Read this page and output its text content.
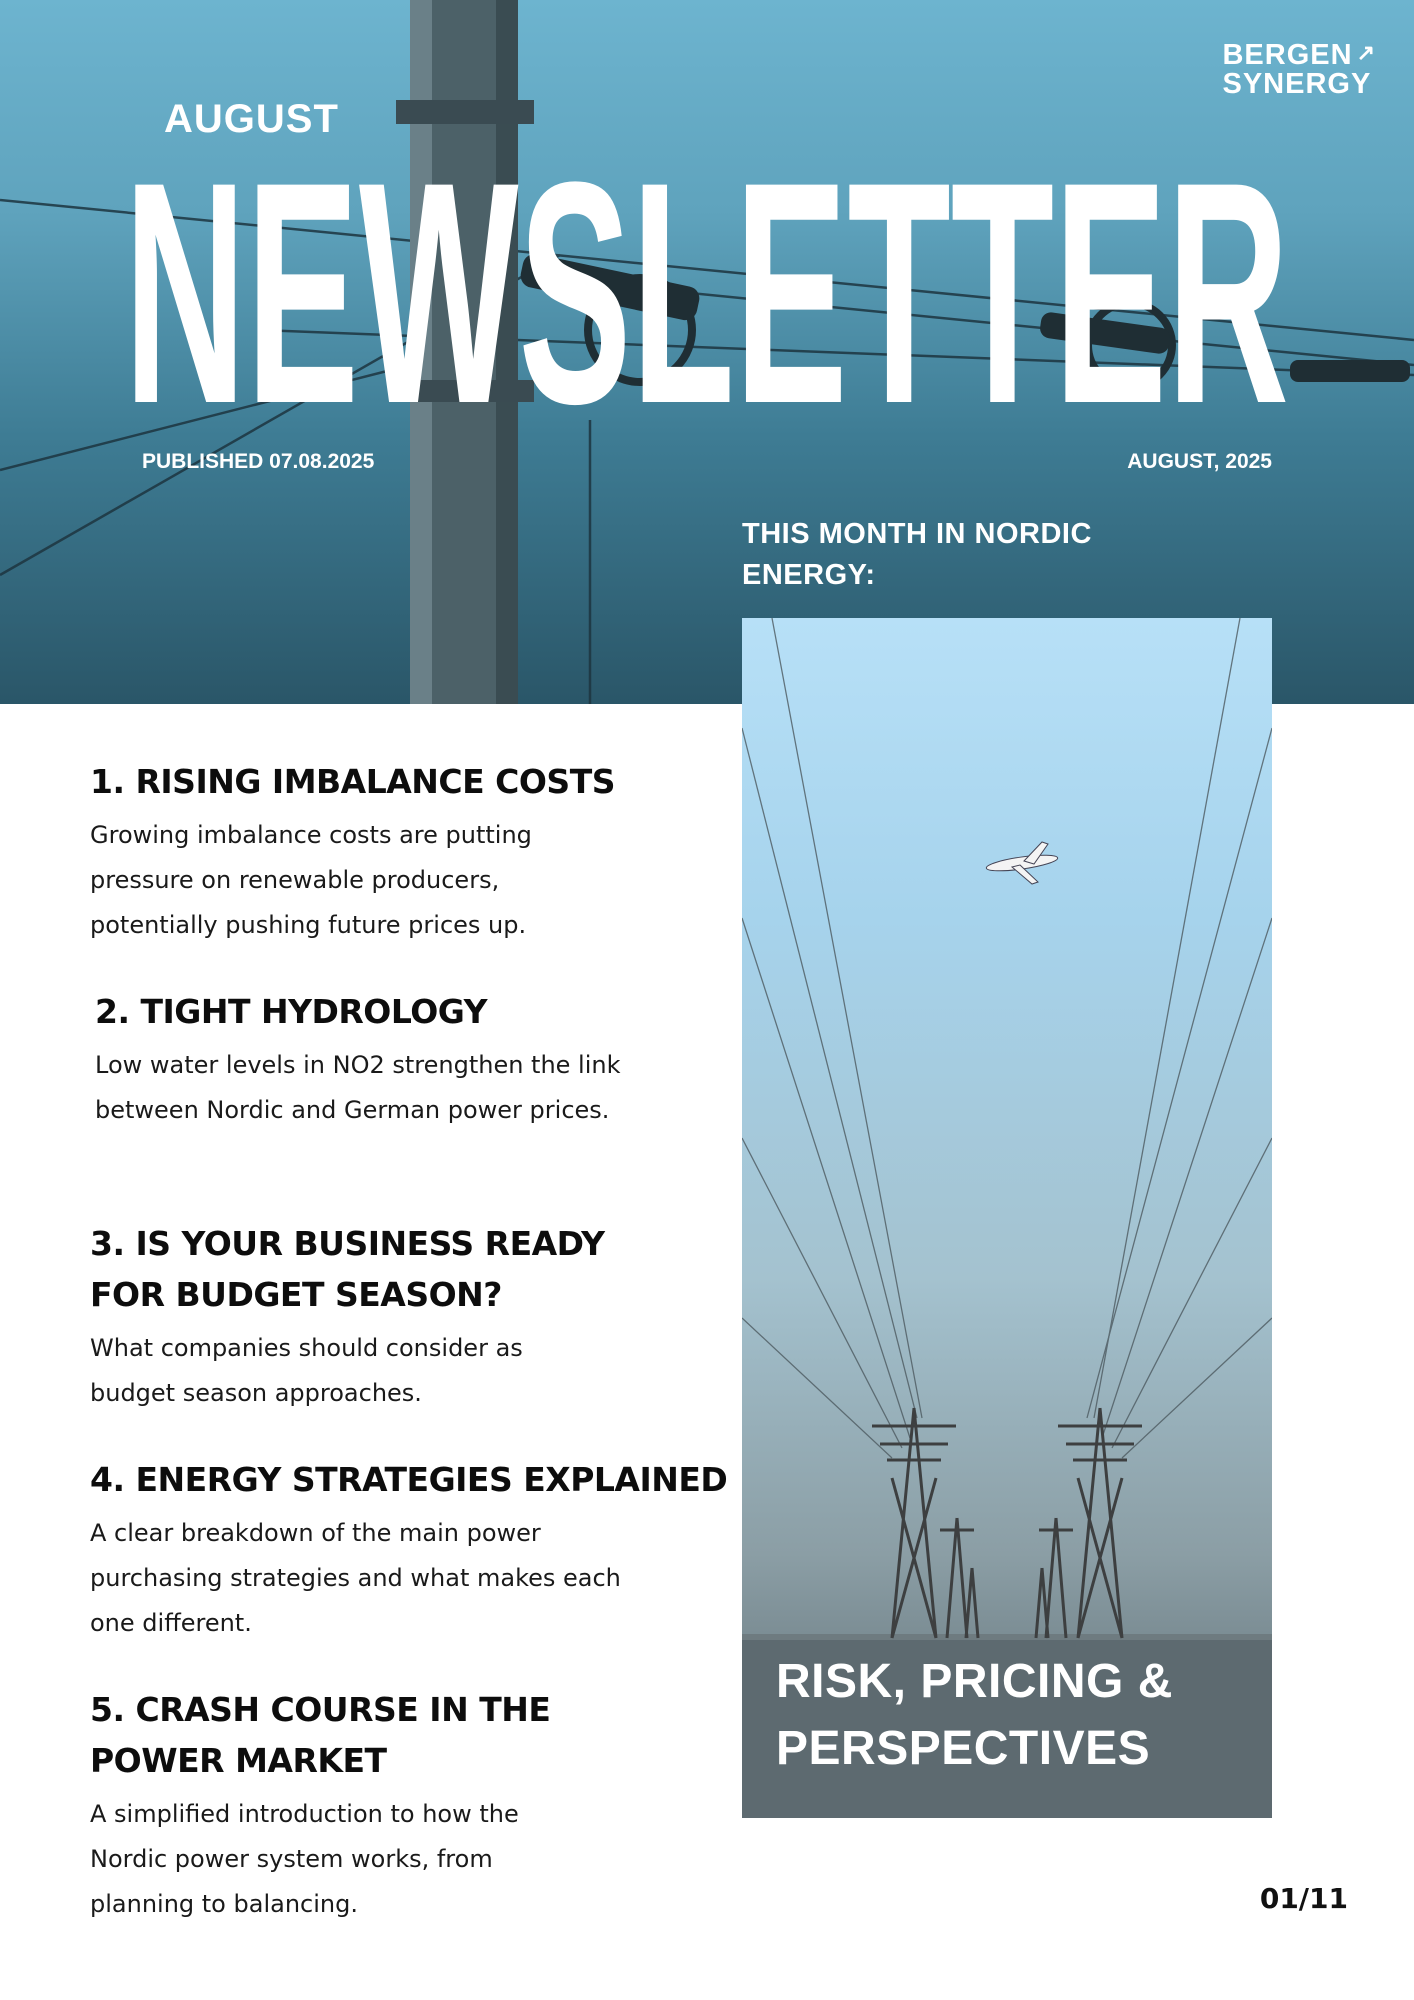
BERGEN ↗
SYNERGY
AUGUST
NEWSLETTER
PUBLISHED 07.08.2025	AUGUST, 2025
THIS MONTH IN NORDIC ENERGY:
RISK, PRICING & PERSPECTIVES
1. RISING IMBALANCE COSTS

Growing imbalance costs are putting pressure on renewable producers, potentially pushing future prices up.

2. TIGHT HYDROLOGY

Low water levels in NO2 strengthen the link between Nordic and German power prices.

3. IS YOUR BUSINESS READY FOR BUDGET SEASON?

What companies should consider as budget season approaches.

4. ENERGY STRATEGIES EXPLAINED

A clear breakdown of the main power purchasing strategies and what makes each one different.

5. CRASH COURSE IN THE POWER MARKET

A simplified introduction to how the Nordic power system works, from planning to balancing.	01/11
